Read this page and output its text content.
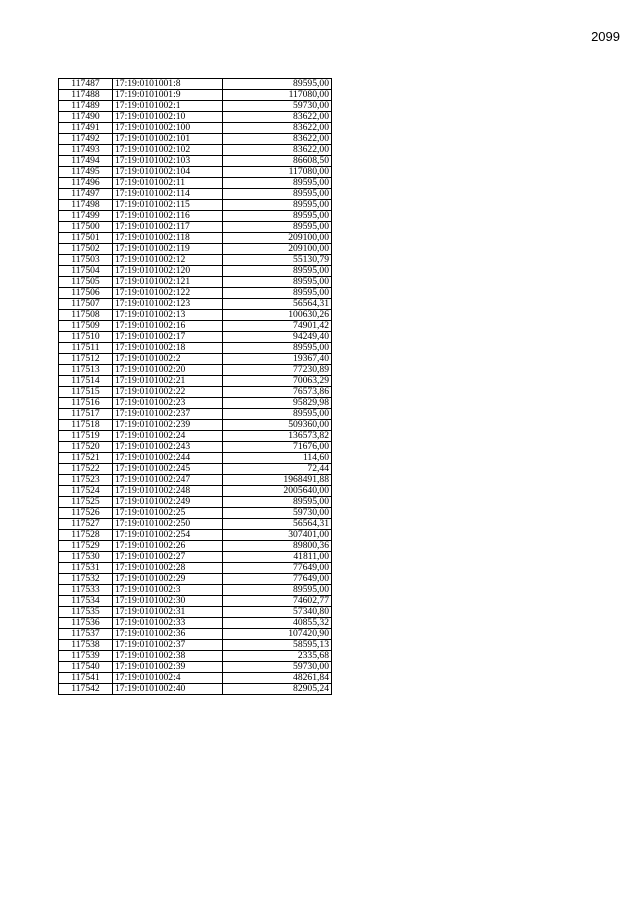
2099
117487	17:19:0101001:8	89595,00
117488	17:19:0101001:9	117080,00
117489	17:19:0101002:1	59730,00
117490	17:19:0101002:10	83622,00
117491	17:19:0101002:100	83622,00
117492	17:19:0101002:101	83622,00
117493	17:19:0101002:102	83622,00
117494	17:19:0101002:103	86608,50
117495	17:19:0101002:104	117080,00
117496	17:19:0101002:11	89595,00
117497	17:19:0101002:114	89595,00
117498	17:19:0101002:115	89595,00
117499	17:19:0101002:116	89595,00
117500	17:19:0101002:117	89595,00
117501	17:19:0101002:118	209100,00
117502	17:19:0101002:119	209100,00
117503	17:19:0101002:12	55130,79
117504	17:19:0101002:120	89595,00
117505	17:19:0101002:121	89595,00
117506	17:19:0101002:122	89595,00
117507	17:19:0101002:123	56564,31
117508	17:19:0101002:13	100630,26
117509	17:19:0101002:16	74901,42
117510	17:19:0101002:17	94249,40
117511	17:19:0101002:18	89595,00
117512	17:19:0101002:2	19367,40
117513	17:19:0101002:20	77230,89
117514	17:19:0101002:21	70063,29
117515	17:19:0101002:22	76573,86
117516	17:19:0101002:23	95829,98
117517	17:19:0101002:237	89595,00
117518	17:19:0101002:239	509360,00
117519	17:19:0101002:24	136573,82
117520	17:19:0101002:243	71676,00
117521	17:19:0101002:244	114,60
117522	17:19:0101002:245	72,44
117523	17:19:0101002:247	1968491,88
117524	17:19:0101002:248	2005640,00
117525	17:19:0101002:249	89595,00
117526	17:19:0101002:25	59730,00
117527	17:19:0101002:250	56564,31
117528	17:19:0101002:254	307401,00
117529	17:19:0101002:26	89800,36
117530	17:19:0101002:27	41811,00
117531	17:19:0101002:28	77649,00
117532	17:19:0101002:29	77649,00
117533	17:19:0101002:3	89595,00
117534	17:19:0101002:30	74602,77
117535	17:19:0101002:31	57340,80
117536	17:19:0101002:33	40855,32
117537	17:19:0101002:36	107420,90
117538	17:19:0101002:37	58595,13
117539	17:19:0101002:38	2335,68
117540	17:19:0101002:39	59730,00
117541	17:19:0101002:4	48261,84
117542	17:19:0101002:40	82905,24
